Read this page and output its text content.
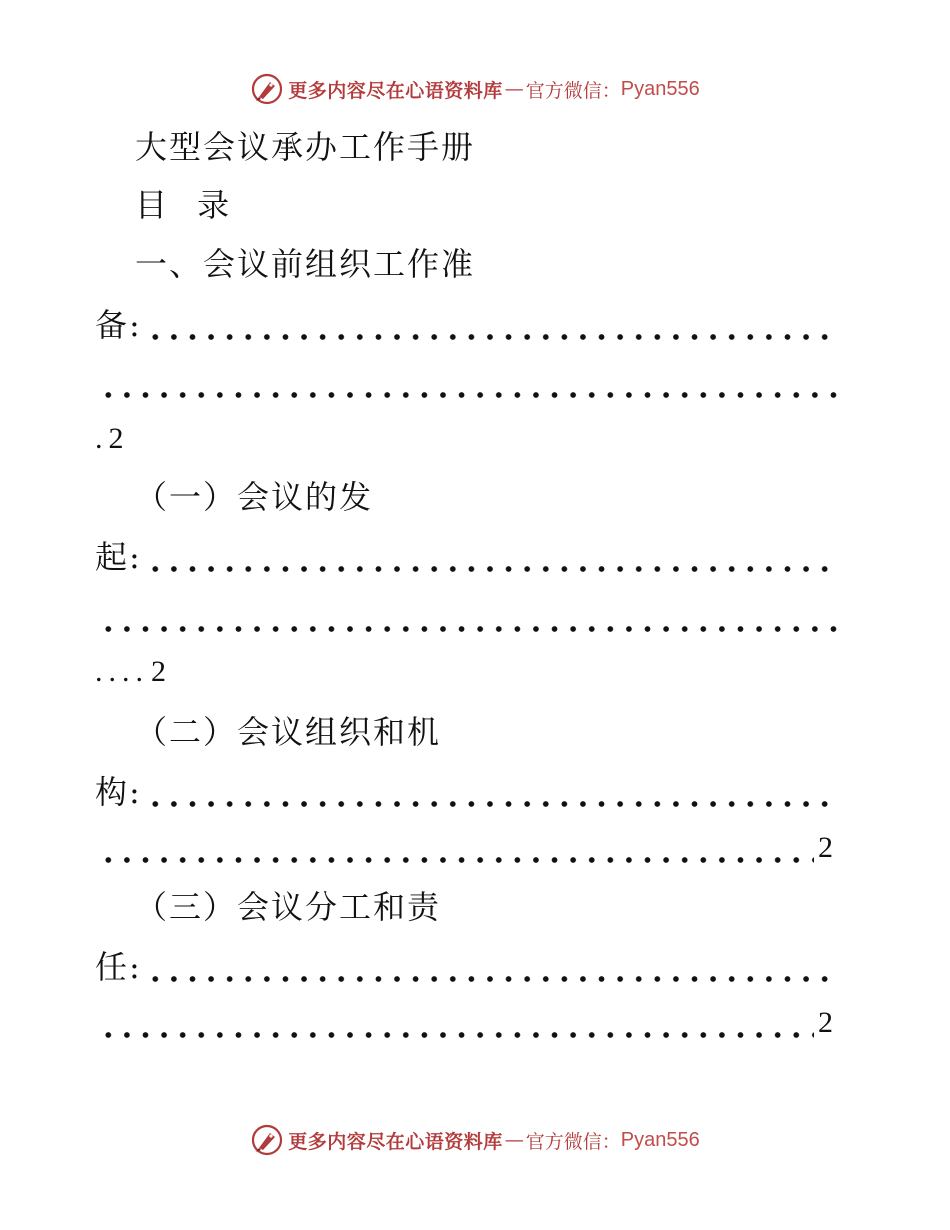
更多内容尽在心语资料库 — 官方微信： Pyan556
大型会议承办工作手册
目 录
一、会议前组织工作准
备:
. 2
（一）会议的发
起:
.... 2
（二）会议组织和机
构:
2
（三）会议分工和责
任:
2
更多内容尽在心语资料库 — 官方微信： Pyan556
